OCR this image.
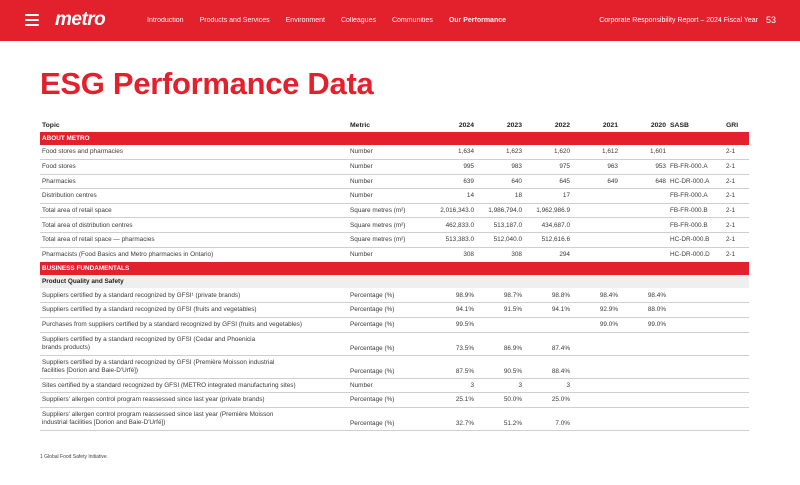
metro	Introduction Products and Services Environment Colleagues Communities Our Performance	Corporate Responsibility Report – 2024 Fiscal Year 53
ESG Performance Data
Topic	Metric	2024	2023	2022	2021	2020	SASB	GRI
ABOUT METRO								
Food stores and pharmacies	Number	1,634	1,623	1,620	1,612	1,601		2-1
Food stores	Number	995	983	975	963	953	FB-FR-000.A	2-1
Pharmacies	Number	639	640	645	649	648	HC-DR-000.A	2-1
Distribution centres	Number	14	18	17			FB-FR-000.A	2-1
Total area of retail space	Square metres (m²)	2,016,343.0	1,986,794.0	1,962,986.9			FB-FR-000.B	2-1
Total area of distribution centres	Square metres (m²)	462,833.0	513,187.0	434,687.0			FB-FR-000.B	2-1
Total area of retail space — pharmacies	Square metres (m²)	513,383.0	512,040.0	512,616.6			HC-DR-000.B	2-1
Pharmacists (Food Basics and Metro pharmacies in Ontario)	Number	308	308	294			HC-DR-000.D	2-1
BUSINESS FUNDAMENTALS								
Product Quality and Safety								
Suppliers certified by a standard recognized by GFSI¹ (private brands)	Percentage (%)	98.9%	98.7%	98.8%	98.4%	98.4%		
Suppliers certified by a standard recognized by GFSI (fruits and vegetables)	Percentage (%)	94.1%	91.5%	94.1%	92.9%	88.0%		
Purchases from suppliers certified by a standard recognized by GFSI (fruits and vegetables)	Percentage (%)	99.5%			99.0%	99.0%		
Suppliers certified by a standard recognized by GFSI (Cedar and Phoenicia
brands products)	Percentage (%)	73.5%	86.9%	87.4%				
Suppliers certified by a standard recognized by GFSI (Première Moisson industrial
facilities [Dorion and Baie-D'Urfé])	Percentage (%)	87.5%	90.5%	88.4%				
Sites certified by a standard recognized by GFSI (METRO integrated manufacturing sites)	Number	3	3	3				
Suppliers' allergen control program reassessed since last year (private brands)	Percentage (%)	25.1%	50.0%	25.0%				
Suppliers' allergen control program reassessed since last year (Première Moisson
industrial facilities [Dorion and Baie-D'Urfé])	Percentage (%)	32.7%	51.2%	7.0%				
1 Global Food Safety Initiative.
